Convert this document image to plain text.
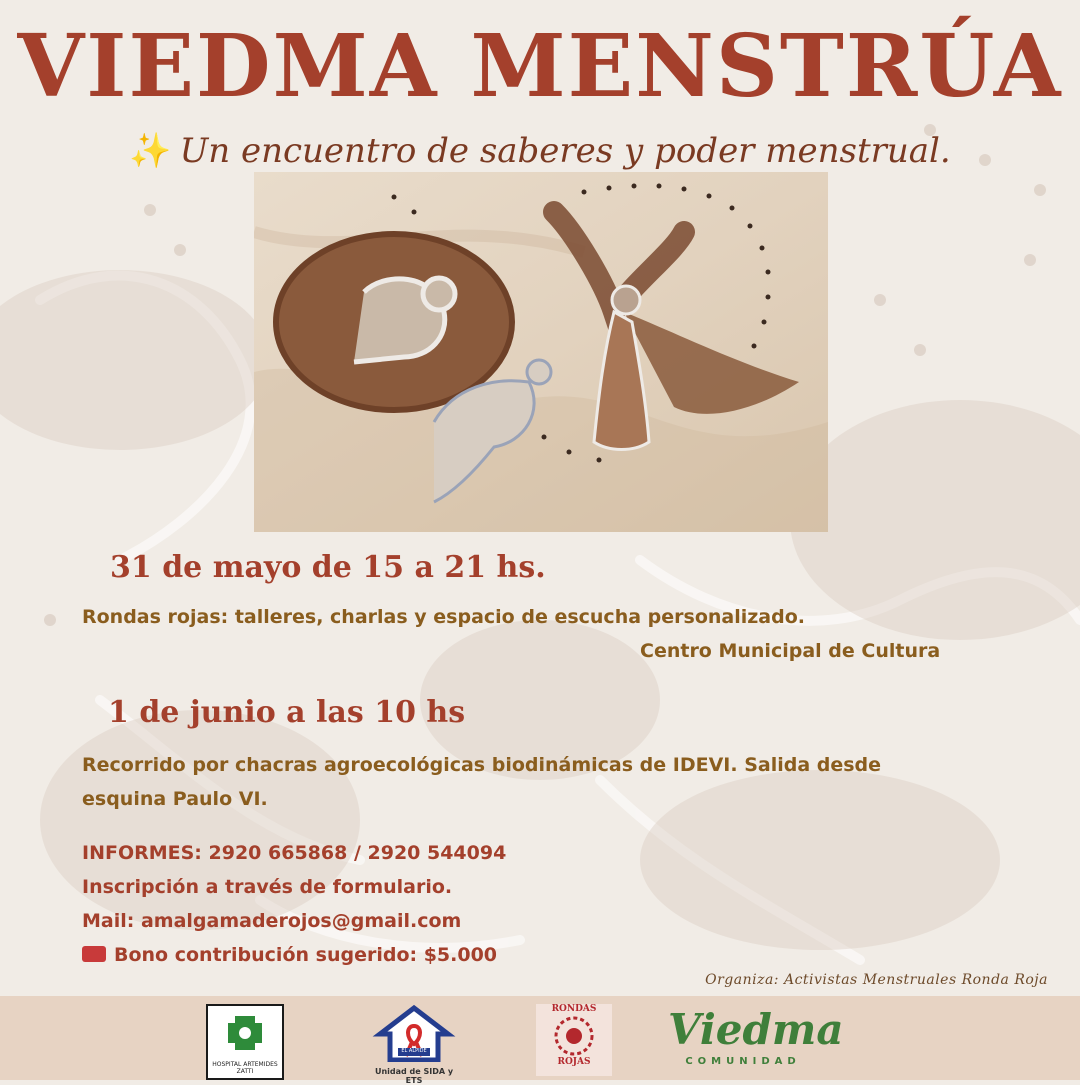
VIEDMA MENSTRÚA
✨ Un encuentro de saberes y poder menstrual.
31 de mayo de 15 a 21 hs.
Rondas rojas: talleres, charlas y espacio de escucha personalizado.
Centro Municipal de Cultura
1 de junio a las 10 hs
Recorrido por chacras agroecológicas biodinámicas de IDEVI. Salida desde
esquina Paulo VI.
INFORMES: 2920 665868 / 2920 544094
Inscripción a través de formulario.
Mail: amalgamaderojos@gmail.com
Bono contribución sugerido: $5.000
Organiza: Activistas Menstruales Ronda Roja
HOSPITAL ARTEMIDES ZATTI
EL ALPIDE
Unidad de SIDA y ETS
RONDAS
ROJAS
Viedma
COMUNIDAD
